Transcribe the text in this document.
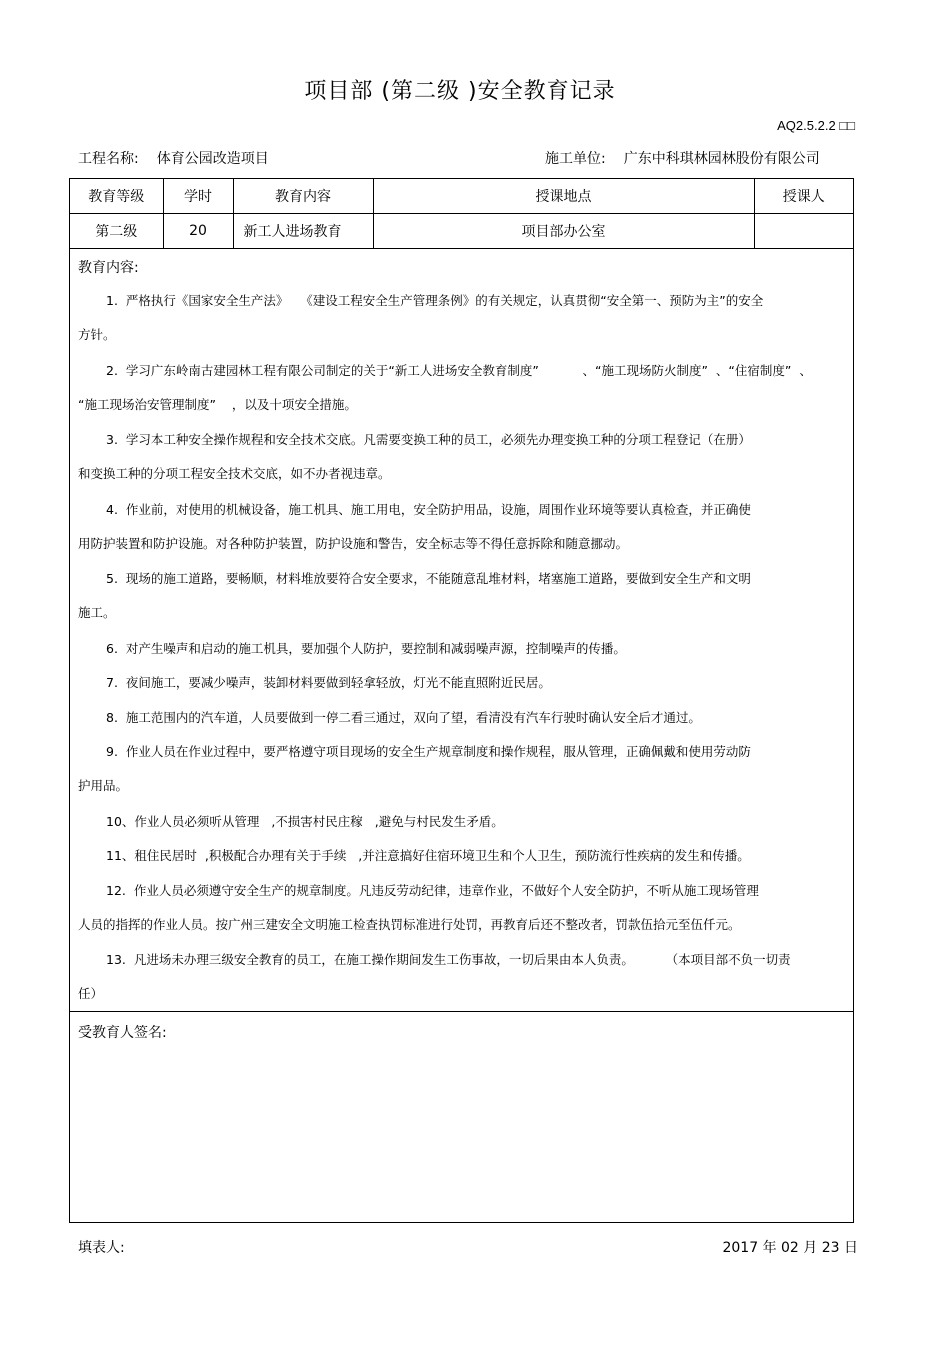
项目部 (第二级 )安全教育记录
AQ2.5.2.2 □□
工程名称: 体育公园改造项目	施工单位: 广东中科琪林园林股份有限公司
教育等级	学时	教育内容	授课地点	授课人
第二级	20	新工人进场教育	项目部办公室	
教育内容:
1.  严格执行《国家安全生产法》   《建设工程安全生产管理条例》的有关规定，认真贯彻“安全第一、预防为主”的安全
方针。
2.  学习广东岭南古建园林工程有限公司制定的关于“新工人进场安全教育制度”           、“施工现场防火制度”  、“住宿制度”  、
“施工现场治安管理制度”    ，以及十项安全措施。
3.  学习本工种安全操作规程和安全技术交底。凡需要变换工种的员工，必须先办理变换工种的分项工程登记（在册）
和变换工种的分项工程安全技术交底，如不办者视违章。
4.  作业前，对使用的机械设备，施工机具、施工用电，安全防护用品，设施，周围作业环境等要认真检查，并正确使
用防护装置和防护设施。对各种防护装置，防护设施和警告，安全标志等不得任意拆除和随意挪动。
5.  现场的施工道路，要畅顺，材料堆放要符合安全要求，不能随意乱堆材料，堵塞施工道路，要做到安全生产和文明
施工。
6.  对产生噪声和启动的施工机具，要加强个人防护，要控制和减弱噪声源，控制噪声的传播。
7.  夜间施工，要减少噪声，装卸材料要做到轻拿轻放，灯光不能直照附近民居。
8.  施工范围内的汽车道，人员要做到一停二看三通过，双向了望，看清没有汽车行驶时确认安全后才通过。
9.  作业人员在作业过程中，要严格遵守项目现场的安全生产规章制度和操作规程，服从管理，正确佩戴和使用劳动防
护用品。
10、作业人员必须听从管理   ,不损害村民庄稼   ,避免与村民发生矛盾。
11、租住民居时  ,积极配合办理有关于手续   ,并注意搞好住宿环境卫生和个人卫生，预防流行性疾病的发生和传播。
12.  作业人员必须遵守安全生产的规章制度。凡违反劳动纪律，违章作业，不做好个人安全防护，不听从施工现场管理
人员的指挥的作业人员。按广州三建安全文明施工检查执罚标准进行处罚，再教育后还不整改者，罚款伍拾元至伍仟元。
13.  凡进场未办理三级安全教育的员工，在施工操作期间发生工伤事故，一切后果由本人负责。        （本项目部不负一切责
任）
受教育人签名:
填表人:	2017 年 02 月 23 日
